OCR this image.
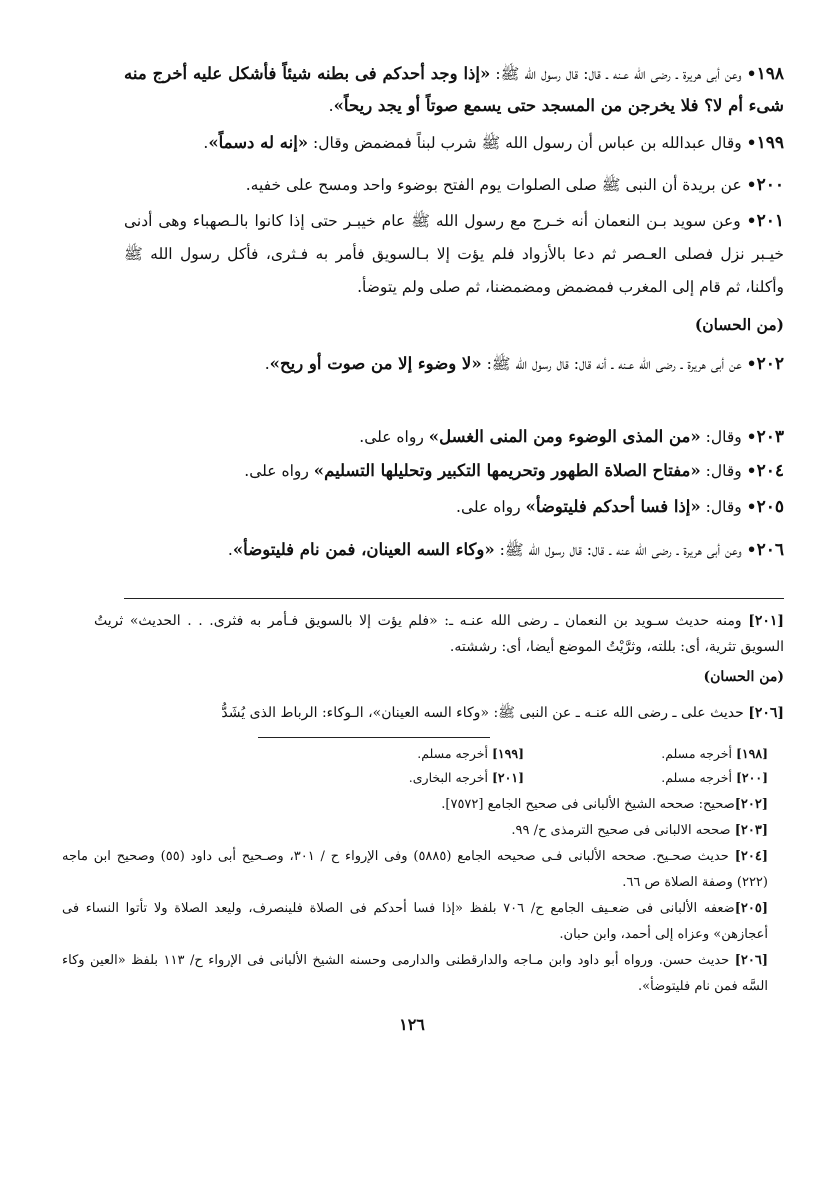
١٩٨• وعن أبى هريرة ـ رضى الله عـنه ـ قال: قال رسول الله ﷺ: «إذا وجد أحدكم فى بطنه شيئاً فأشكل عليه أخرج منه شىء أم لا؟ فلا يخرجن من المسجد حتى يسمع صوتاً أو يجد ريحاً».
١٩٩• وقال عبدالله بن عباس أن رسول الله ﷺ شرب لبناً فمضمض وقال: «إنه له دسماً».
٢٠٠• عن بريدة أن النبى ﷺ صلى الصلوات يوم الفتح بوضوء واحد ومسح على خفيه.
٢٠١• وعن سويد بـن النعمان أنه خـرج مع رسول الله ﷺ عام خيبـر حتى إذا كانوا بالـصهباء وهى أدنى خيـبر نزل فصلى العـصر ثم دعا بالأزواد فلم يؤت إلا بـالسويق فأمر به فـثرى، فأكل رسول الله ﷺ وأكلنا، ثم قام إلى المغرب فمضمض ومضمضنا، ثم صلى ولم يتوضأ.
(من الحسان)
٢٠٢• عن أبى هريرة ـ رضى الله عـنه ـ أنه قال: قال رسول الله ﷺ: «لا وضوء إلا من صوت أو ريح».
٢٠٣• وقال: «من المذى الوضوء ومن المنى الغسل» رواه على.
٢٠٤• وقال: «مفتاح الصلاة الطهور وتحريمها التكبير وتحليلها التسليم» رواه على.
٢٠٥• وقال: «إذا فسا أحدكم فليتوضأ» رواه على.
٢٠٦• وعن أبى هريرة ـ رضى الله عنه ـ قال: قال رسول الله ﷺ: «وكاء السه العينان، فمن نام فليتوضأ».
[٢٠١] ومنه حديث سـويد بن النعمان ـ رضى الله عنـه ـ: «فلم يؤت إلا بالسويق فـأمر به فثرى. . . الحديث» ثريتُ السويق تثرية، أى: بللته، وثرَّيْتُ الموضع أيضا، أى: رششته.
(من الحسان)
[٢٠٦] حديث على ـ رضى الله عنـه ـ عن النبى ﷺ: «وكاء السه العينان»، الـوكاء: الرباط الذى يُشَدُّ
[١٩٨] أخرجه مسلم.
[١٩٩] أخرجه مسلم.
[٢٠٠] أخرجه مسلم.
[٢٠١] أخرجه البخارى.
[٢٠٢]صحيح: صححه الشيخ الألبانى فى صحيح الجامع [٧٥٧٢].
[٢٠٣] صححه الالبانى فى صحيح الترمذى ح/ ٩٩.
[٢٠٤] حديث صحـيح. صححه الألبانى فـى صحيحه الجامع (٥٨٨٥) وفى الإرواء ح / ٣٠١، وصـحيح أبى داود (٥٥) وصحيح ابن ماجه (٢٢٢) وصفة الصلاة ص ٦٦.
[٢٠٥]ضعفه الألبانى فى ضعـيف الجامع ح/ ٧٠٦ بلفظ «إذا فسا أحدكم فى الصلاة فلينصرف، وليعد الصلاة ولا تأتوا النساء فى أعجازهن» وعزاه إلى أحمد، وابن حبان.
[٢٠٦] حديث حسن. ورواه أبو داود وابن مـاجه والدارقطنى والدارمى وحسنه الشيخ الألبانى فى الإرواء ح/ ١١٣ بلفظ «العين وكاء السَّه فمن نام فليتوضأ».
١٢٦
